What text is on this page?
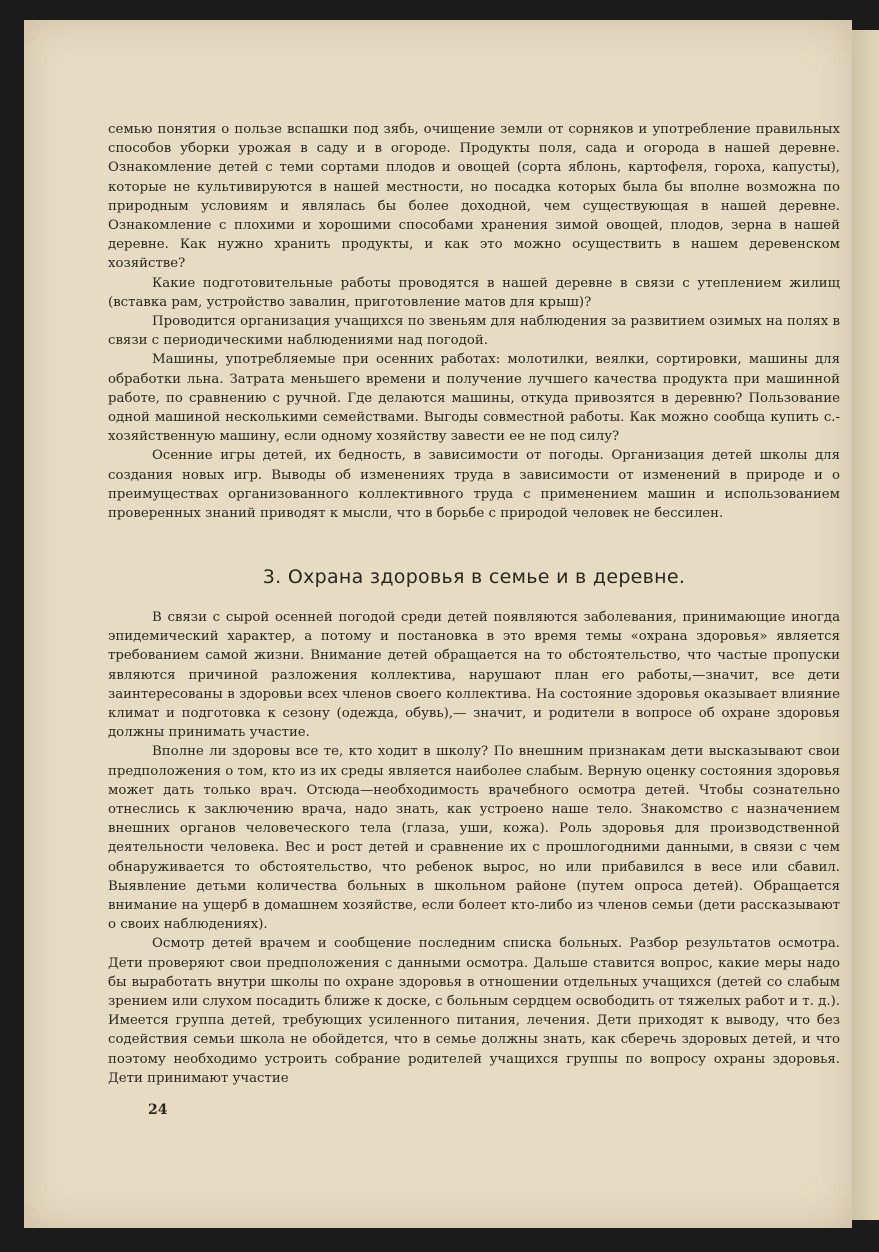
семью понятия о пользе вспашки под зябь, очищение земли от сорняков и употребление правильных способов уборки урожая в саду и в огороде. Продукты поля, сада и огорода в нашей деревне. Ознакомление детей с теми сортами плодов и овощей (сорта яблонь, картофеля, гороха, капусты), которые не культивируются в нашей местности, но посадка которых была бы вполне возможна по природным условиям и являлась бы более доходной, чем существующая в нашей деревне. Ознакомление с плохими и хорошими способами хранения зимой овощей, плодов, зерна в нашей деревне. Как нужно хранить продукты, и как это можно осуществить в нашем деревенском хозяйстве?

Какие подготовительные работы проводятся в нашей деревне в связи с утеплением жилищ (вставка рам, устройство завалин, приготовление матов для крыш)?

Проводится организация учащихся по звеньям для наблюдения за развитием озимых на полях в связи с периодическими наблюдениями над погодой.

Машины, употребляемые при осенних работах: молотилки, веялки, сортировки, машины для обработки льна. Затрата меньшего времени и получение лучшего качества продукта при машинной работе, по сравнению с ручной. Где делаются машины, откуда привозятся в деревню? Пользование одной машиной несколькими семействами. Выгоды совместной работы. Как можно сообща купить с.-хозяйственную машину, если одному хозяйству завести ее не под силу?

Осенние игры детей, их бедность, в зависимости от погоды. Организация детей школы для создания новых игр. Выводы об изменениях труда в зависимости от изменений в природе и о преимуществах организованного коллективного труда с применением машин и использованием проверенных знаний приводят к мысли, что в борьбе с природой человек не бессилен.

3. Охрана здоровья в семье и в деревне.

В связи с сырой осенней погодой среди детей появляются заболевания, принимающие иногда эпидемический характер, а потому и постановка в это время темы «охрана здоровья» является требованием самой жизни. Внимание детей обращается на то обстоятельство, что частые пропуски являются причиной разложения коллектива, нарушают план его работы,—значит, все дети заинтересованы в здоровьи всех членов своего коллектива. На состояние здоровья оказывает влияние климат и подготовка к сезону (одежда, обувь),— значит, и родители в вопросе об охране здоровья должны принимать участие.

Вполне ли здоровы все те, кто ходит в школу? По внешним признакам дети высказывают свои предположения о том, кто из их среды является наиболее слабым. Верную оценку состояния здоровья может дать только врач. Отсюда—необходимость врачебного осмотра детей. Чтобы сознательно отнеслись к заключению врача, надо знать, как устроено наше тело. Знакомство с назначением внешних органов человеческого тела (глаза, уши, кожа). Роль здоровья для производственной деятельности человека. Вес и рост детей и сравнение их с прошлогодними данными, в связи с чем обнаруживается то обстоятельство, что ребенок вырос, но или прибавился в весе или сбавил. Выявление детьми количества больных в школьном районе (путем опроса детей). Обращается внимание на ущерб в домашнем хозяйстве, если болеет кто-либо из членов семьи (дети рассказывают о своих наблюдениях).

Осмотр детей врачем и сообщение последним списка больных. Разбор результатов осмотра. Дети проверяют свои предположения с данными осмотра. Дальше ставится вопрос, какие меры надо бы выработать внутри школы по охране здоровья в отношении отдельных учащихся (детей со слабым зрением или слухом посадить ближе к доске, с больным сердцем освободить от тяжелых работ и т. д.). Имеется группа детей, требующих усиленного питания, лечения. Дети приходят к выводу, что без содействия семьи школа не обойдется, что в семье должны знать, как сберечь здоровых детей, и что поэтому необходимо устроить собрание родителей учащихся группы по вопросу охраны здоровья. Дети принимают участие

24
